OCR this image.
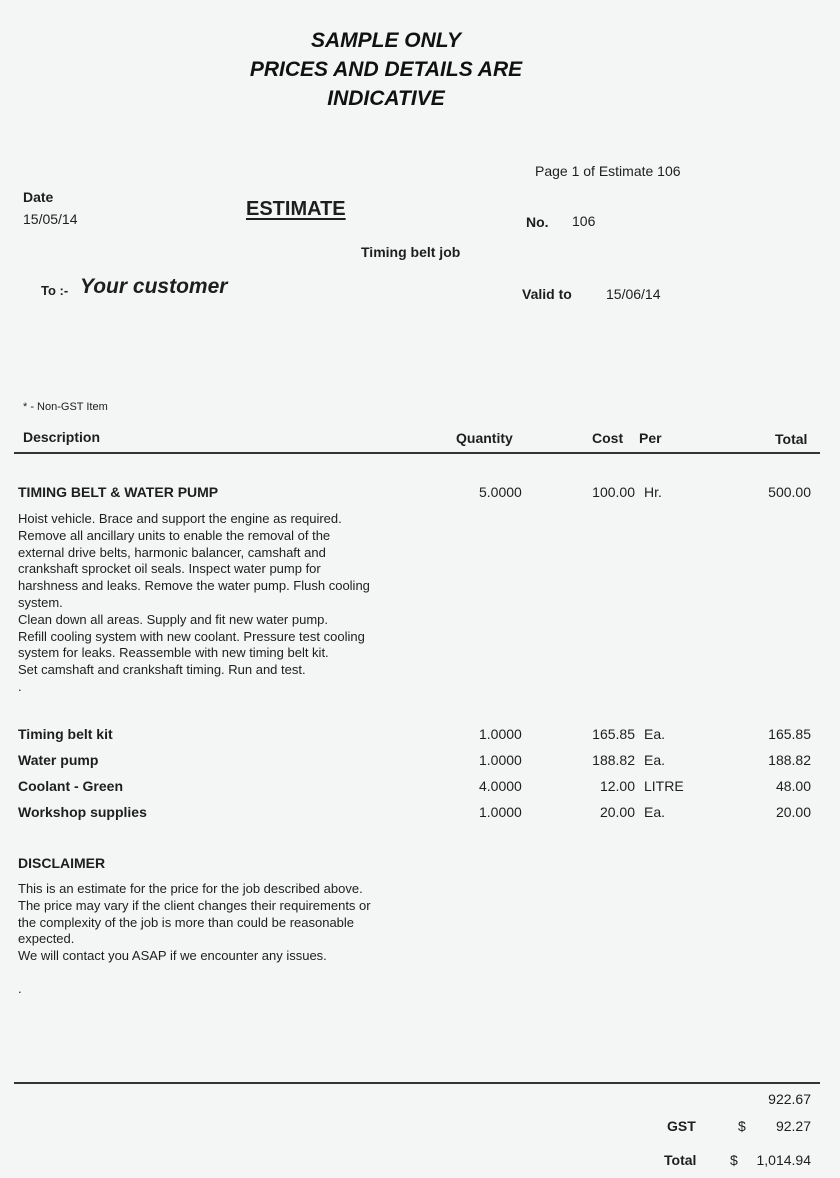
SAMPLE ONLY
PRICES AND DETAILS ARE
INDICATIVE
Page 1 of Estimate 106
Date
15/05/14	ESTIMATE
No. 106
Timing belt job
To :- Your customer	Valid to 15/06/14
* - Non-GST Item
Description	Quantity	Cost Per	Total
TIMING BELT & WATER PUMP	5.0000	100.00 Hr.	500.00

Hoist vehicle. Brace and support the engine as required.

Remove all ancillary units to enable the removal of the

external drive belts, harmonic balancer, camshaft and

crankshaft sprocket oil seals. Inspect water pump for

harshness and leaks. Remove the water pump. Flush cooling

system.

Clean down all areas. Supply and fit new water pump.

Refill cooling system with new coolant. Pressure test cooling

system for leaks. Reassemble with new timing belt kit.

Set camshaft and crankshaft timing. Run and test.

.

Timing belt kit	1.0000	165.85 Ea.	165.85
Water pump	1.0000	188.82 Ea.	188.82
Coolant - Green	4.0000	12.00 LITRE	48.00
Workshop supplies	1.0000	20.00 Ea.	20.00
DISCLAIMER

This is an estimate for the price for the job described above.

The price may vary if the client changes their requirements or

the complexity of the job is more than could be reasonable

expected.

We will contact you ASAP if we encounter any issues.

.

922.67
GST	$ 92.27
Total $ 1,014.94
